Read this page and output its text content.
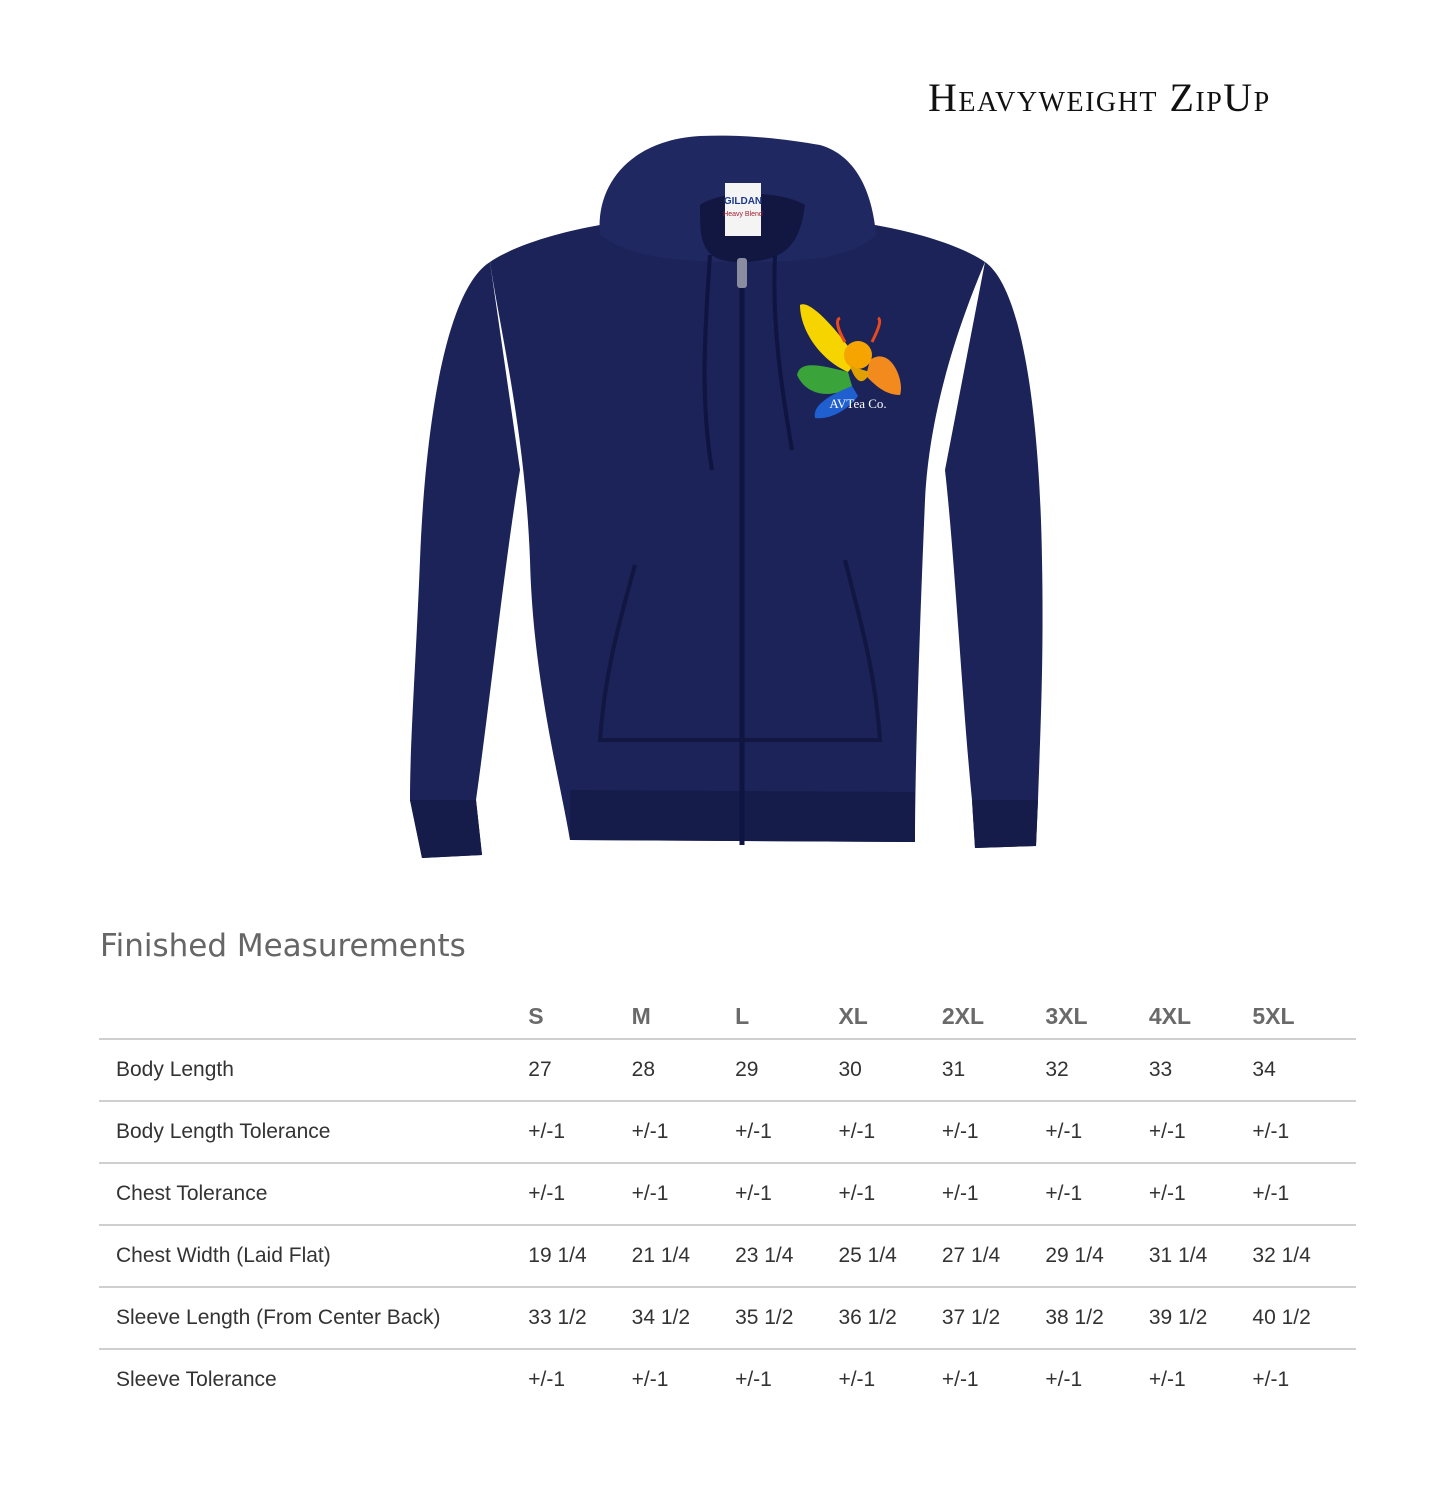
Heavyweight ZipUp
GILDAN
Heavy Blend
AVTea Co.
Finished Measurements
	S	M	L	XL	2XL	3XL	4XL	5XL
Body Length	27	28	29	30	31	32	33	34
Body Length Tolerance	+/-1	+/-1	+/-1	+/-1	+/-1	+/-1	+/-1	+/-1
Chest Tolerance	+/-1	+/-1	+/-1	+/-1	+/-1	+/-1	+/-1	+/-1
Chest Width (Laid Flat)	19 1/4	21 1/4	23 1/4	25 1/4	27 1/4	29 1/4	31 1/4	32 1/4
Sleeve Length (From Center Back)	33 1/2	34 1/2	35 1/2	36 1/2	37 1/2	38 1/2	39 1/2	40 1/2
Sleeve Tolerance	+/-1	+/-1	+/-1	+/-1	+/-1	+/-1	+/-1	+/-1
